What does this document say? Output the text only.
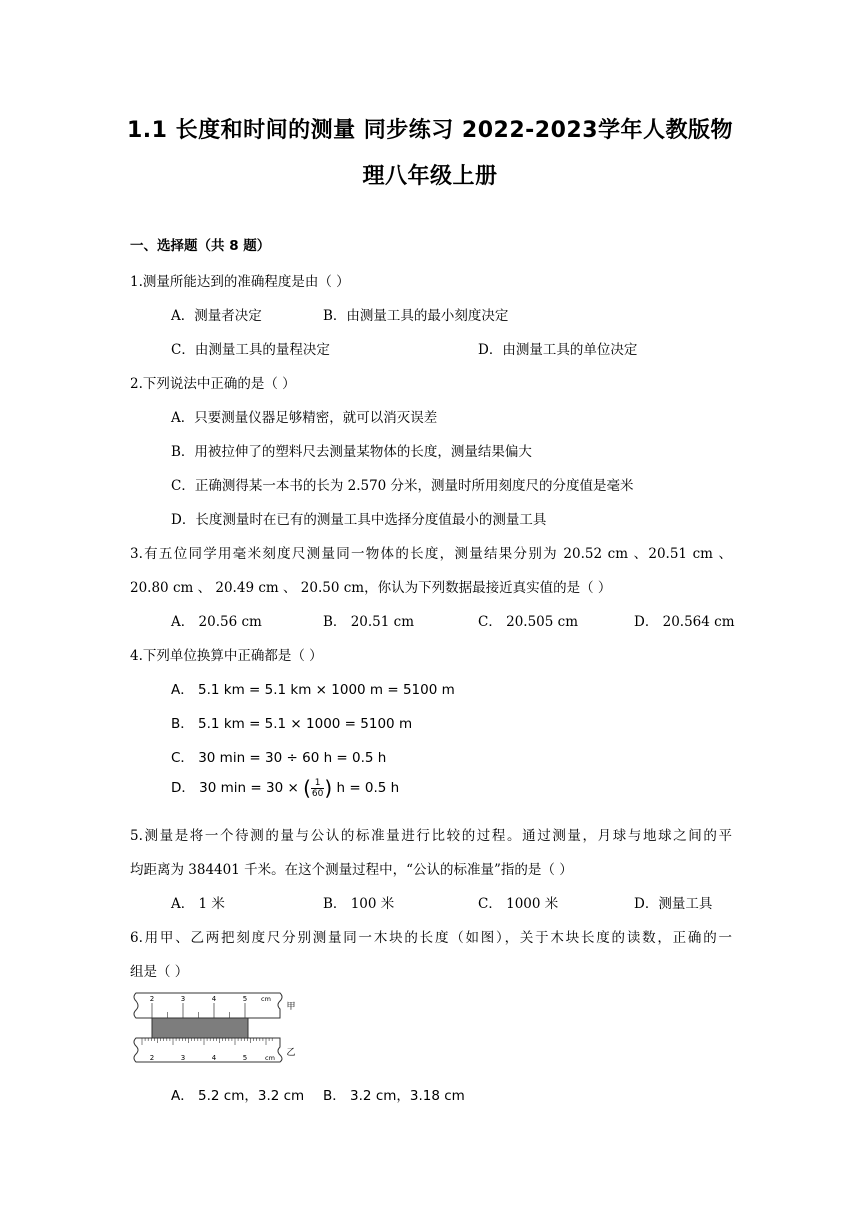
1.1 长度和时间的测量 同步练习 2022-2023学年人教版物
理八年级上册
一、选择题（共 8 题）
1.测量所能达到的准确程度是由（ ）
A．测量者决定	B．由测量工具的最小刻度决定
C．由测量工具的量程决定	D．由测量工具的单位决定
2.下列说法中正确的是（ ）
A．只要测量仪器足够精密，就可以消灭误差
B．用被拉伸了的塑料尺去测量某物体的长度，测量结果偏大
C．正确测得某一本书的长为 2.570 分米，测量时所用刻度尺的分度值是毫米
D．长度测量时在已有的测量工具中选择分度值最小的测量工具
3.有五位同学用毫米刻度尺测量同一物体的长度，测量结果分别为 20.52 cm 、20.51 cm 、
20.80 cm 、 20.49 cm 、 20.50 cm，你认为下列数据最接近真实值的是（ ）
A． 20.56 cm	B． 20.51 cm	C． 20.505 cm	D． 20.564 cm
4.下列单位换算中正确都是（ ）
A． 5.1 km = 5.1 km × 1000 m = 5100 m
B． 5.1 km = 5.1 × 1000 = 5100 m
C． 30 min = 30 ÷ 60 h = 0.5 h
D． 30 min = 30 × ( $\frac{1}{60}$ ) h = 0.5 h
5.测量是将一个待测的量与公认的标准量进行比较的过程。通过测量，月球与地球之间的平
均距离为 384401 千米。在这个测量过程中，“公认的标准量”指的是（ ）
A． 1 米	B． 100 米	C． 1000 米	D．测量工具
6.用甲、乙两把刻度尺分别测量同一木块的长度（如图），关于木块长度的读数，正确的一
组是（ ）
2	3	4	5 cm
甲
2	3	4	5	cm 乙
A． 5.2 cm，3.2 cm B． 3.2 cm，3.18 cm
